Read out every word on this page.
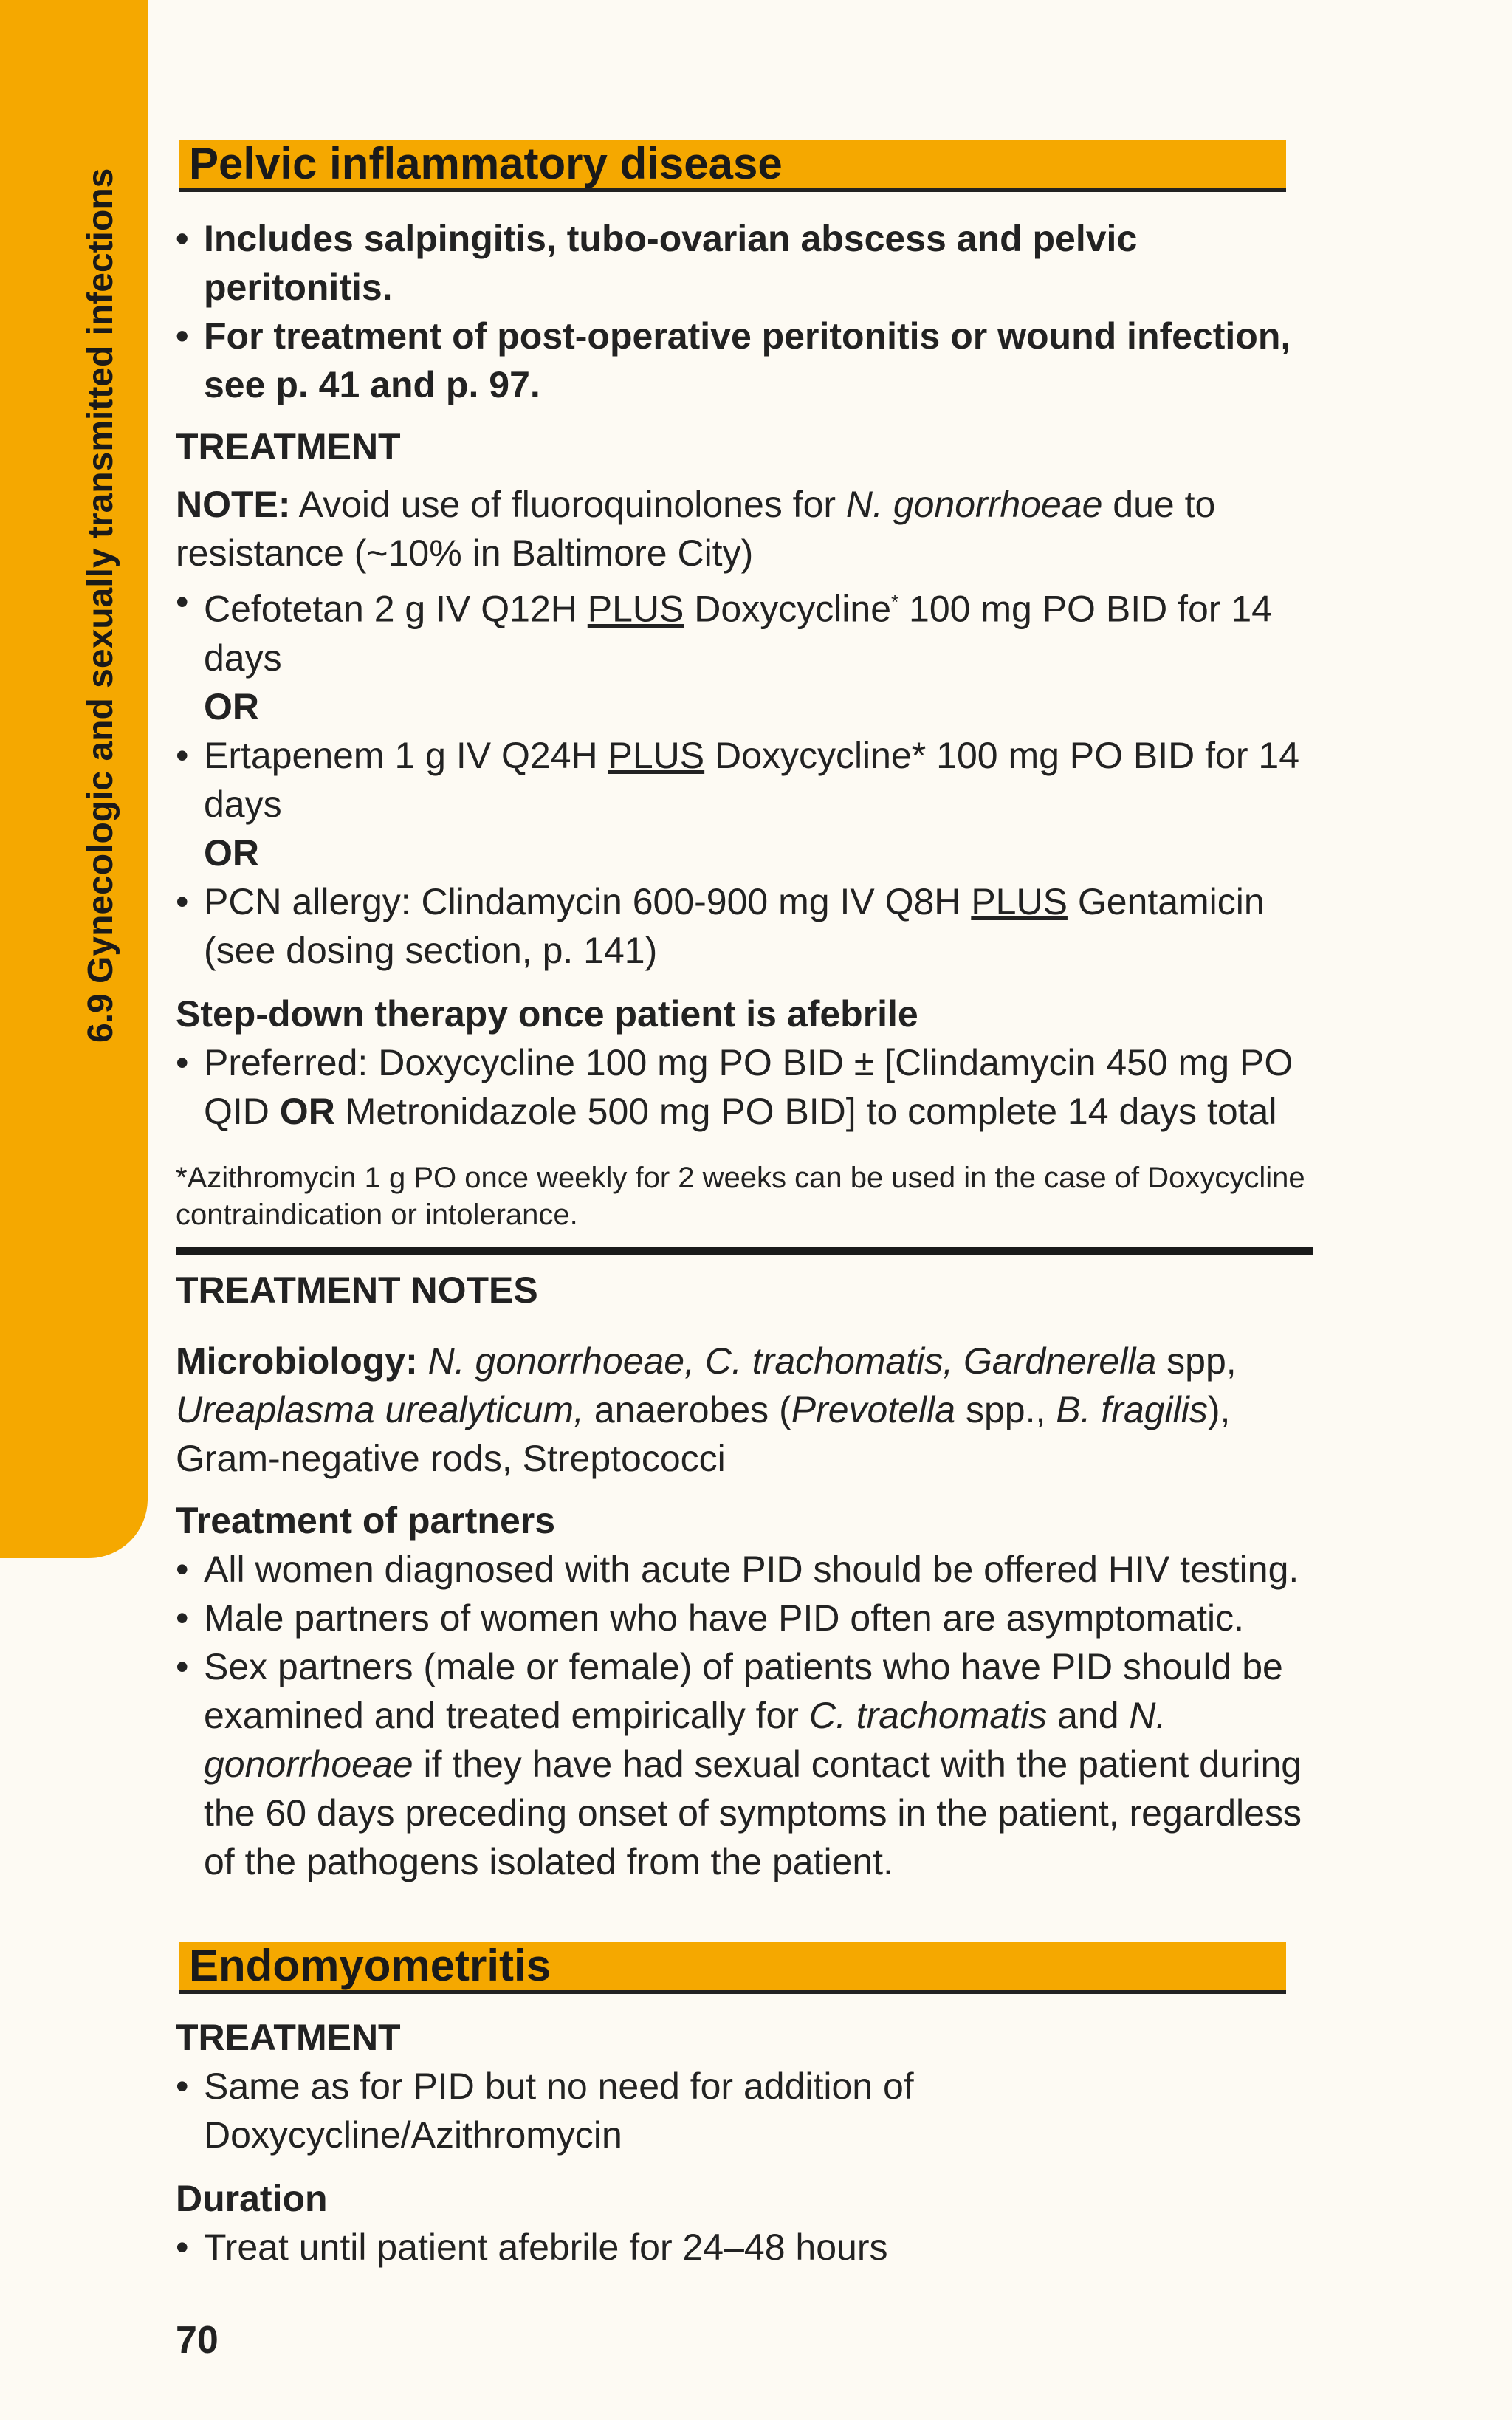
6.9 Gynecologic and sexually transmitted infections
Pelvic inflammatory disease
• Includes salpingitis, tubo-ovarian abscess and pelvic peritonitis.
• For treatment of post-operative peritonitis or wound infection, see p. 41 and p. 97.

TREATMENT

NOTE: Avoid use of fluoroquinolones for N. gonorrhoeae due to resistance (~10% in Baltimore City)

• Cefotetan 2 g IV Q12H PLUS Doxycycline* 100 mg PO BID for 14 days

OR

• Ertapenem 1 g IV Q24H PLUS Doxycycline* 100 mg PO BID for 14 days

OR

• PCN allergy: Clindamycin 600-900 mg IV Q8H PLUS Gentamicin (see dosing section, p. 141)

Step-down therapy once patient is afebrile

• Preferred: Doxycycline 100 mg PO BID ± [Clindamycin 450 mg PO QID OR Metronidazole 500 mg PO BID] to complete 14 days total

*Azithromycin 1 g PO once weekly for 2 weeks can be used in the case of Doxycycline contraindication or intolerance.

TREATMENT NOTES

Microbiology: N. gonorrhoeae, C. trachomatis, Gardnerella spp, Ureaplasma urealyticum, anaerobes (Prevotella spp., B. fragilis), Gram-negative rods, Streptococci

Treatment of partners

• All women diagnosed with acute PID should be offered HIV testing.
• Male partners of women who have PID often are asymptomatic.
• Sex partners (male or female) of patients who have PID should be examined and treated empirically for C. trachomatis and N. gonorrhoeae if they have had sexual contact with the patient during the 60 days preceding onset of symptoms in the patient, regardless of the pathogens isolated from the patient.
Endomyometritis

TREATMENT

• Same as for PID but no need for addition of Doxycycline/Azithromycin

Duration

• Treat until patient afebrile for 24–48 hours
70
